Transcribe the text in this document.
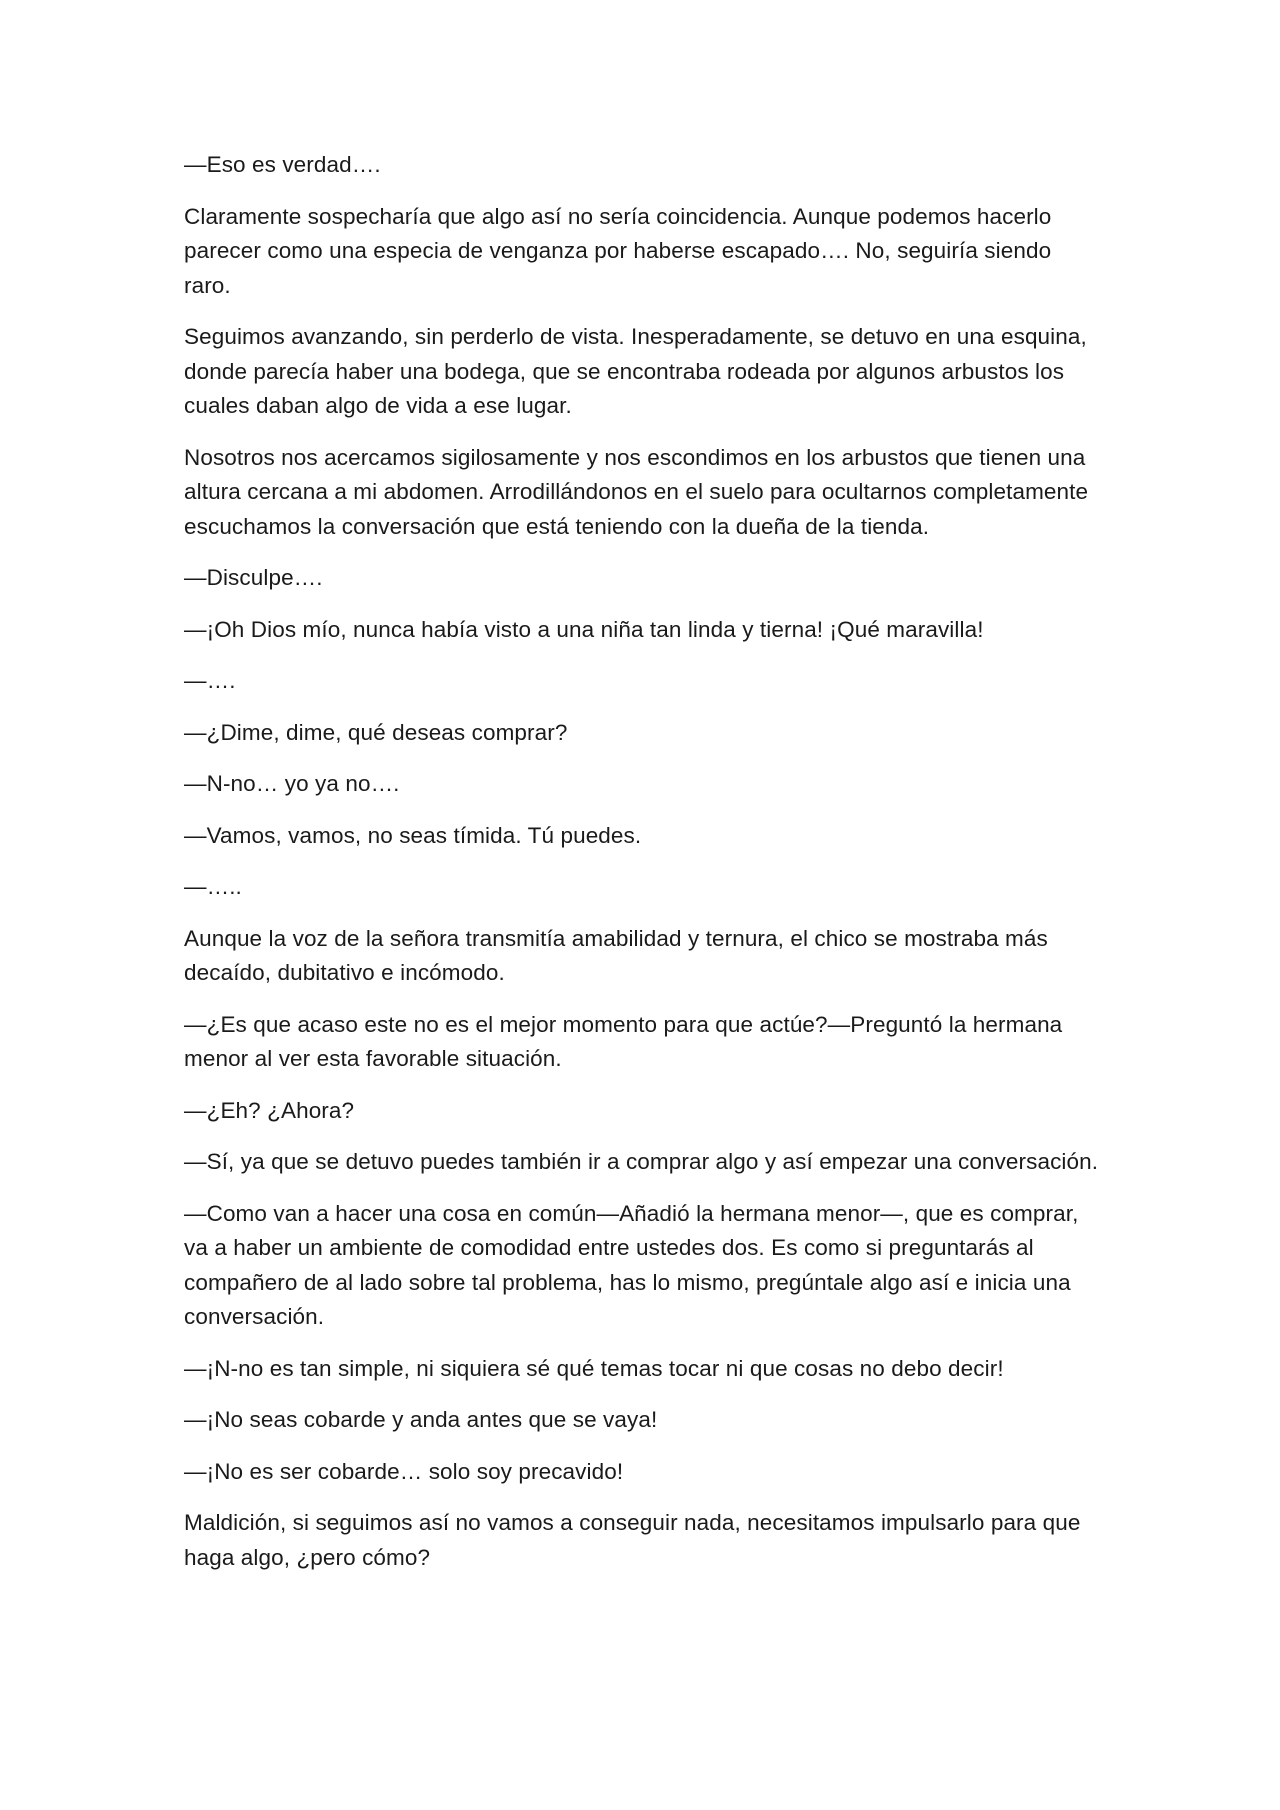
—Eso es verdad….

Claramente sospecharía que algo así no sería coincidencia. Aunque podemos hacerlo parecer como una especia de venganza por haberse escapado…. No, seguiría siendo raro.

Seguimos avanzando, sin perderlo de vista. Inesperadamente, se detuvo en una esquina, donde parecía haber una bodega, que se encontraba rodeada por algunos arbustos los cuales daban algo de vida a ese lugar.

Nosotros nos acercamos sigilosamente y nos escondimos en los arbustos que tienen una altura cercana a mi abdomen. Arrodillándonos en el suelo para ocultarnos completamente escuchamos la conversación que está teniendo con la dueña de la tienda.

—Disculpe….

—¡Oh Dios mío, nunca había visto a una niña tan linda y tierna! ¡Qué maravilla!

—….

—¿Dime, dime, qué deseas comprar?

—N-no… yo ya no….

—Vamos, vamos, no seas tímida. Tú puedes.

—…..

Aunque la voz de la señora transmitía amabilidad y ternura, el chico se mostraba más decaído, dubitativo e incómodo.

—¿Es que acaso este no es el mejor momento para que actúe?—Preguntó la hermana menor al ver esta favorable situación.

—¿Eh? ¿Ahora?

—Sí, ya que se detuvo puedes también ir a comprar algo y así empezar una conversación.

—Como van a hacer una cosa en común—Añadió la hermana menor—, que es comprar, va a haber un ambiente de comodidad entre ustedes dos. Es como si preguntarás al compañero de al lado sobre tal problema, has lo mismo, pregúntale algo así e inicia una conversación.

—¡N-no es tan simple, ni siquiera sé qué temas tocar ni que cosas no debo decir!

—¡No seas cobarde y anda antes que se vaya!

—¡No es ser cobarde… solo soy precavido!

Maldición, si seguimos así no vamos a conseguir nada, necesitamos impulsarlo para que haga algo, ¿pero cómo?
